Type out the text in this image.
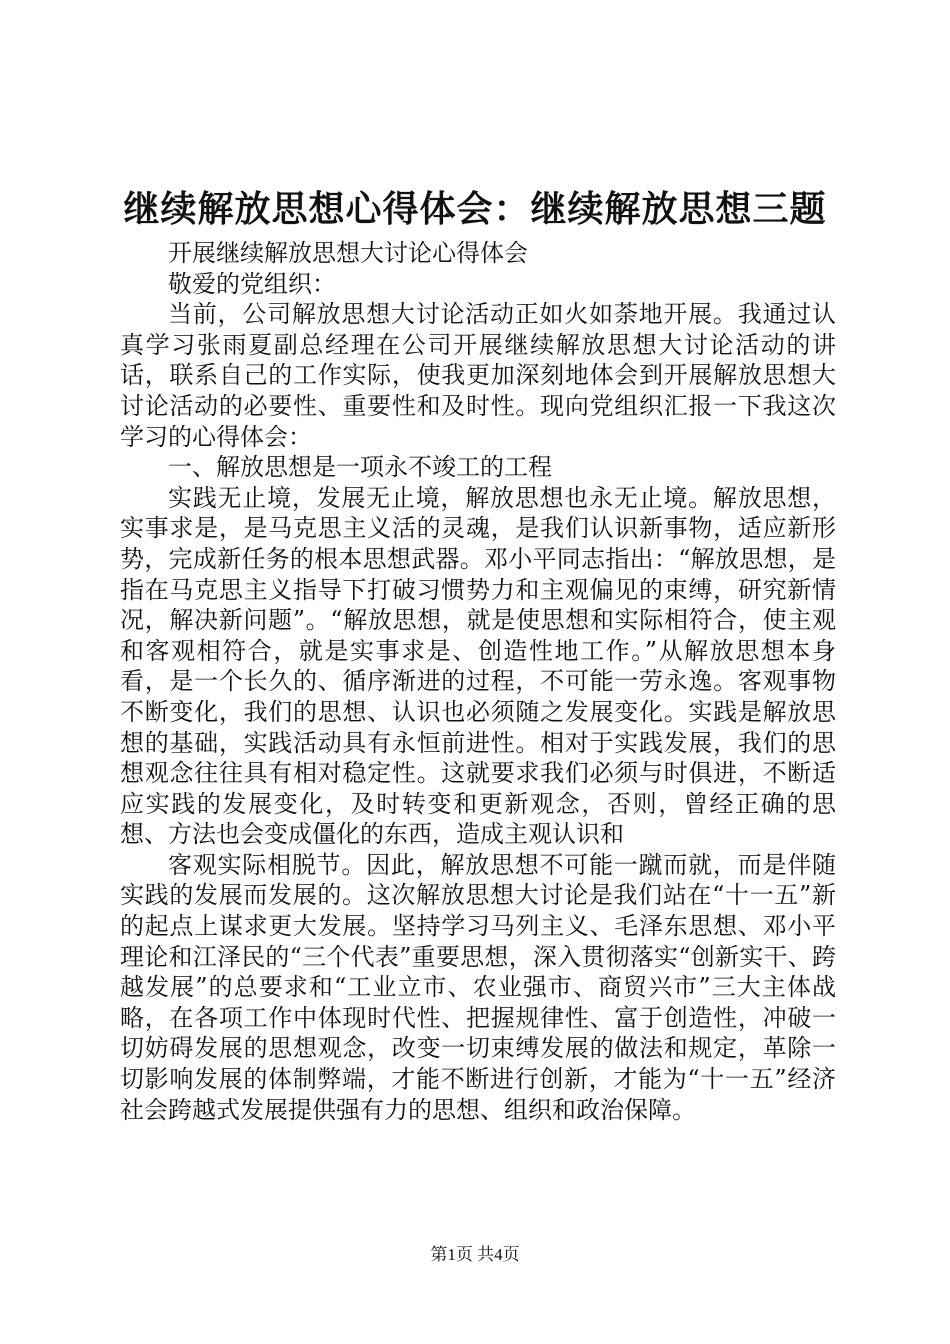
继续解放思想心得体会：继续解放思想三题

开展继续解放思想大讨论心得体会

敬爱的党组织：

当前，公司解放思想大讨论活动正如火如荼地开展。我通过认真学习张雨夏副总经理在公司开展继续解放思想大讨论活动的讲话，联系自己的工作实际，使我更加深刻地体会到开展解放思想大讨论活动的必要性、重要性和及时性。现向党组织汇报一下我这次学习的心得体会：

一、解放思想是一项永不竣工的工程

实践无止境，发展无止境，解放思想也永无止境。解放思想，实事求是，是马克思主义活的灵魂，是我们认识新事物，适应新形势，完成新任务的根本思想武器。邓小平同志指出：“解放思想，是指在马克思主义指导下打破习惯势力和主观偏见的束缚，研究新情况，解决新问题”。“解放思想，就是使思想和实际相符合，使主观和客观相符合，就是实事求是、创造性地工作。”从解放思想本身看，是一个长久的、循序渐进的过程，不可能一劳永逸。客观事物不断变化，我们的思想、认识也必须随之发展变化。实践是解放思想的基础，实践活动具有永恒前进性。相对于实践发展，我们的思想观念往往具有相对稳定性。这就要求我们必须与时俱进，不断适应实践的发展变化，及时转变和更新观念，否则，曾经正确的思想、方法也会变成僵化的东西，造成主观认识和

客观实际相脱节。因此，解放思想不可能一蹴而就，而是伴随实践的发展而发展的。这次解放思想大讨论是我们站在“十一五”新的起点上谋求更大发展。坚持学习马列主义、毛泽东思想、邓小平理论和江泽民的“三个代表”重要思想，深入贯彻落实“创新实干、跨越发展”的总要求和“工业立市、农业强市、商贸兴市”三大主体战略，在各项工作中体现时代性、把握规律性、富于创造性，冲破一切妨碍发展的思想观念，改变一切束缚发展的做法和规定，革除一切影响发展的体制弊端，才能不断进行创新，才能为“十一五”经济社会跨越式发展提供强有力的思想、组织和政治保障。

第1页 共4页
